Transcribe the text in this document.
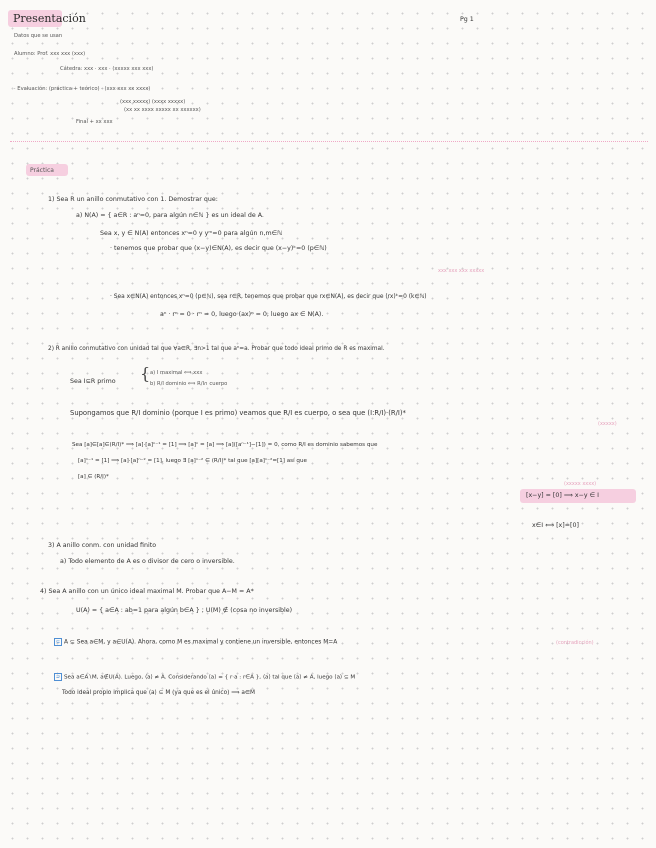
Presentación	Pg 1
Datos que se usan
Alumno: Prof. xxx xxx (xxx)
Cátedra: xxx · xxx · (xxxxx xxx xxx)
· Evaluación: (práctica + teórico) · (xxx xxx xx xxxx)
(xxx xxxxx) (xxxx xxxxx)
(xx xx xxxx xxxxx xx xxxxxx)
Final + xx xxx
Práctica
1) Sea R un anillo conmutativo con 1. Demostrar que:
a) N(A) = { a∈R : aⁿ=0, para algún n∈ℕ } es un ideal de A.
Sea x, y ∈ N(A) entonces xⁿ=0 y yᵐ=0 para algún n,m∈ℕ
· tenemos que probar que (x−y)∈N(A), es decir que (x−y)ᵏ=0 (p∈ℕ)
xxx xxx xxx xxxxx
· Sea x∈N(A) entonces xⁿ=0 (p∈ℕ), sea r∈R, tenemos que probar que rx∈N(A), es decir que (rx)ᵏ=0 (k∈ℕ)
aⁿ · rⁿ = 0 · rⁿ = 0, luego (ax)ⁿ = 0, luego ax ∈ N(A).
2) R anillo conmutativo con unidad tal que ∀a∈R, ∃n>1 tal que aⁿ=a. Probar que todo ideal primo de R es maximal.
Sea I⊆R primo { a) I maximal ⟺ xxx
b) R/I dominio ⟺ R/I∩ cuerpo
Supongamos que R/I dominio (porque I es primo) veamos que R/I es cuerpo, o sea que (I:R/I)·(R/I)*
(xxxxx)
Sea [a]∈[a]∈(R/I)* ⟹ [a]·[a]ⁿ⁻¹ = [1] ⟹ [a]ⁿ = [a] ⟹ [a]([aⁿ⁻¹]−[1]) = 0, como R/I es dominio sabemos que
[a]ⁿ⁻¹ = [1] ⟹ [a]·[a]ⁿ⁻² = [1], luego ∃ [a]ⁿ⁻² ∈ (R/I)* tal que [a][a]ⁿ⁻²=[1] así que
[a] ∈ (R/I)*
(xxxxx xxxx)
[x−y] = [0] ⟹ x−y ∈ I
x∈I ⟺ [x]=[0]
3) A anillo conm. con unidad finito
a) Todo elemento de A es o divisor de cero o inversible.
4) Sea A anillo con un único ideal maximal M. Probar que A−M = A*
U(A) = { a∈A : ab=1 para algún b∈A } ; U(M) ∉ (cosa no inversible)
⊆ A ⊆ Sea a∈M, y a∈U(A). Ahora, como M es maximal y contiene un inversible, entonces M=A	(contradicción)
⊇ Sea a∈A∖M, a∉U(A). Luego, ⟨a⟩ ≠ A. Considerando ⟨a⟩ = { r·a : r∈A }, ⟨a⟩ tal que ⟨a⟩ ≠ A, luego ⟨a⟩ ⊆ M
Todo ideal propio implica que ⟨a⟩ ⊆ M (ya que es el único) ⟹ a∈M
